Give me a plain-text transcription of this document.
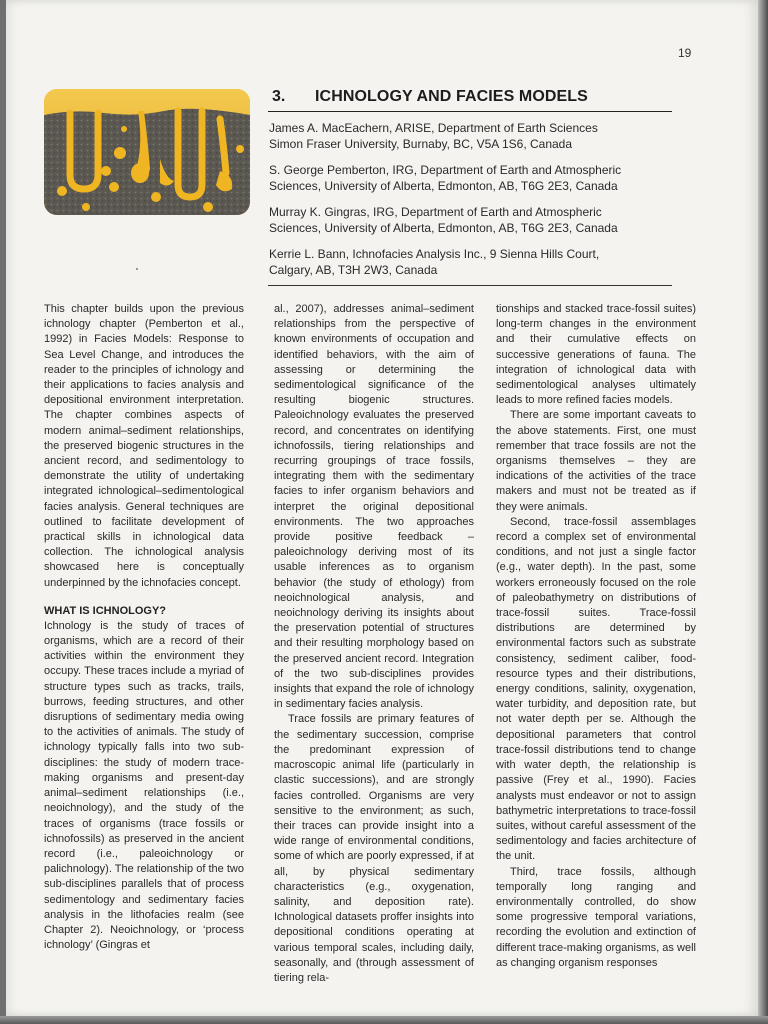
19
3. ICHNOLOGY AND FACIES MODELS
James A. MacEachern, ARISE, Department of Earth Sciences
Simon Fraser University, Burnaby, BC, V5A 1S6, Canada
S. George Pemberton, IRG, Department of Earth and Atmospheric
Sciences, University of Alberta, Edmonton, AB, T6G 2E3, Canada
Murray K. Gingras, IRG, Department of Earth and Atmospheric
Sciences, University of Alberta, Edmonton, AB, T6G 2E3, Canada
Kerrie L. Bann, Ichnofacies Analysis Inc., 9 Sienna Hills Court,
Calgary, AB, T3H 2W3, Canada

This chapter builds upon the previous ichnology chapter (Pemberton et al., 1992) in Facies Models: Response to Sea Level Change, and introduces the reader to the principles of ichnology and their applications to facies analysis and depositional environment interpretation. The chapter combines aspects of modern animal–sediment relationships, the preserved biogenic structures in the ancient record, and sedimentology to demonstrate the utility of undertaking integrated ichnological–sedimentological facies analysis. General techniques are outlined to facilitate development of practical skills in ichnological data collection. The ichnological analysis showcased here is conceptually underpinned by the ichnofacies concept.

WHAT IS ICHNOLOGY?

Ichnology is the study of traces of organisms, which are a record of their activities within the environment they occupy. These traces include a myriad of structure types such as tracks, trails, burrows, feeding structures, and other disruptions of sedimentary media owing to the activities of animals. The study of ichnology typically falls into two sub-disciplines: the study of modern trace-making organisms and present-day animal–sediment relationships (i.e., neoichnology), and the study of the traces of organisms (trace fossils or ichnofossils) as preserved in the ancient record (i.e., paleoichnology or palichnology). The relationship of the two sub-disciplines parallels that of process sedimentology and sedimentary facies analysis in the lithofacies realm (see Chapter 2). Neoichnology, or ‘process ichnology’ (Gingras et

al., 2007), addresses animal–sediment relationships from the perspective of known environments of occupation and identified behaviors, with the aim of assessing or determining the sedimentological significance of the resulting biogenic structures. Paleoichnology evaluates the preserved record, and concentrates on identifying ichnofossils, tiering relationships and recurring groupings of trace fossils, integrating them with the sedimentary facies to infer organism behaviors and interpret the original depositional environments. The two approaches provide positive feedback – paleoichnology deriving most of its usable inferences as to organism behavior (the study of ethology) from neoichnological analysis, and neoichnology deriving its insights about the preservation potential of structures and their resulting morphology based on the preserved ancient record. Integration of the two sub-disciplines provides insights that expand the role of ichnology in sedimentary facies analysis.

Trace fossils are primary features of the sedimentary succession, comprise the predominant expression of macroscopic animal life (particularly in clastic successions), and are strongly facies controlled. Organisms are very sensitive to the environment; as such, their traces can provide insight into a wide range of environmental conditions, some of which are poorly expressed, if at all, by physical sedimentary characteristics (e.g., oxygenation, salinity, and deposition rate). Ichnological datasets proffer insights into depositional conditions operating at various temporal scales, including daily, seasonally, and (through assessment of tiering rela-

tionships and stacked trace-fossil suites) long-term changes in the environment and their cumulative effects on successive generations of fauna. The integration of ichnological data with sedimentological analyses ultimately leads to more refined facies models.

There are some important caveats to the above statements. First, one must remember that trace fossils are not the organisms themselves – they are indications of the activities of the trace makers and must not be treated as if they were animals.

Second, trace-fossil assemblages record a complex set of environmental conditions, and not just a single factor (e.g., water depth). In the past, some workers erroneously focused on the role of paleobathymetry on distributions of trace-fossil suites. Trace-fossil distributions are determined by environmental factors such as substrate consistency, sediment caliber, food-resource types and their distributions, energy conditions, salinity, oxygenation, water turbidity, and deposition rate, but not water depth per se. Although the depositional parameters that control trace-fossil distributions tend to change with water depth, the relationship is passive (Frey et al., 1990). Facies analysts must endeavor or not to assign bathymetric interpretations to trace-fossil suites, without careful assessment of the sedimentology and facies architecture of the unit.

Third, trace fossils, although temporally long ranging and environmentally controlled, do show some progressive temporal variations, recording the evolution and extinction of different trace-making organisms, as well as changing organism responses
